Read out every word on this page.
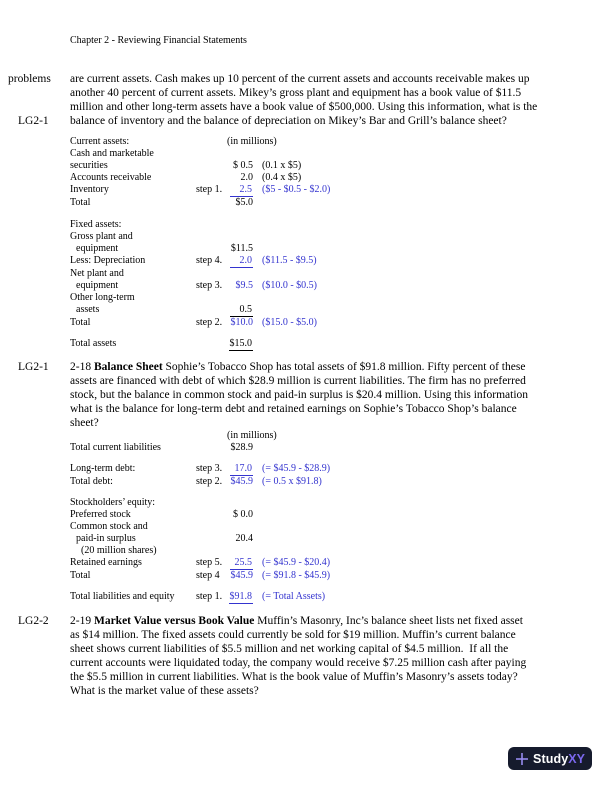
Chapter 2 - Reviewing Financial Statements
problems
LG2-1
are current assets. Cash makes up 10 percent of the current assets and accounts receivable makes up
another 40 percent of current assets. Mikey’s gross plant and equipment has a book value of $11.5
million and other long-term assets have a book value of $500,000. Using this information, what is the
balance of inventory and the balance of depreciation on Mikey’s Bar and Grill’s balance sheet?
Current assets:	(in millions)
Cash and marketable
securities	$ 0.5 (0.1 x $5)
Accounts receivable	2.0 (0.4 x $5)
Inventory	step 1.	2.5	($5 - $0.5 - $2.0)
Total	$5.0
Fixed assets:
Gross plant and
equipment	$11.5
Less: Depreciation	step 4.	2.0	($11.5 - $9.5)
Net plant and
equipment	step 3.	$9.5 ($10.0 - $0.5)
Other long-term
assets	0.5
Total	step 2. $10.0 ($15.0 - $5.0)
Total assets	$15.0
LG2-1 2-18 Balance Sheet Sophie’s Tobacco Shop has total assets of $91.8 million. Fifty percent of these
assets are financed with debt of which $28.9 million is current liabilities. The firm has no preferred
stock, but the balance in common stock and paid-in surplus is $20.4 million. Using this information
what is the balance for long-term debt and retained earnings on Sophie’s Tobacco Shop’s balance
sheet?
(in millions)
Total current liabilities	$28.9
Long-term debt:	step 3.	17.0	(= $45.9 - $28.9)
Total debt:	step 2. $45.9 (= 0.5 x $91.8)
Stockholders’ equity:
Preferred stock	$ 0.0
Common stock and
paid-in surplus	20.4
(20 million shares)
Retained earnings	step 5.	25.5	(= $45.9 - $20.4)
Total	step 4	$45.9 (= $91.8 - $45.9)
Total liabilities and equity	step 1. $91.8	(= Total Assets)
LG2-2 2-19 Market Value versus Book Value Muffin’s Masonry, Inc’s balance sheet lists net fixed asset
as $14 million. The fixed assets could currently be sold for $19 million. Muffin’s current balance
sheet shows current liabilities of $5.5 million and net working capital of $4.5 million.  If all the
current accounts were liquidated today, the company would receive $7.25 million cash after paying
the $5.5 million in current liabilities. What is the book value of Muffin’s Masonry’s assets today?
What is the market value of these assets?
Study XY
